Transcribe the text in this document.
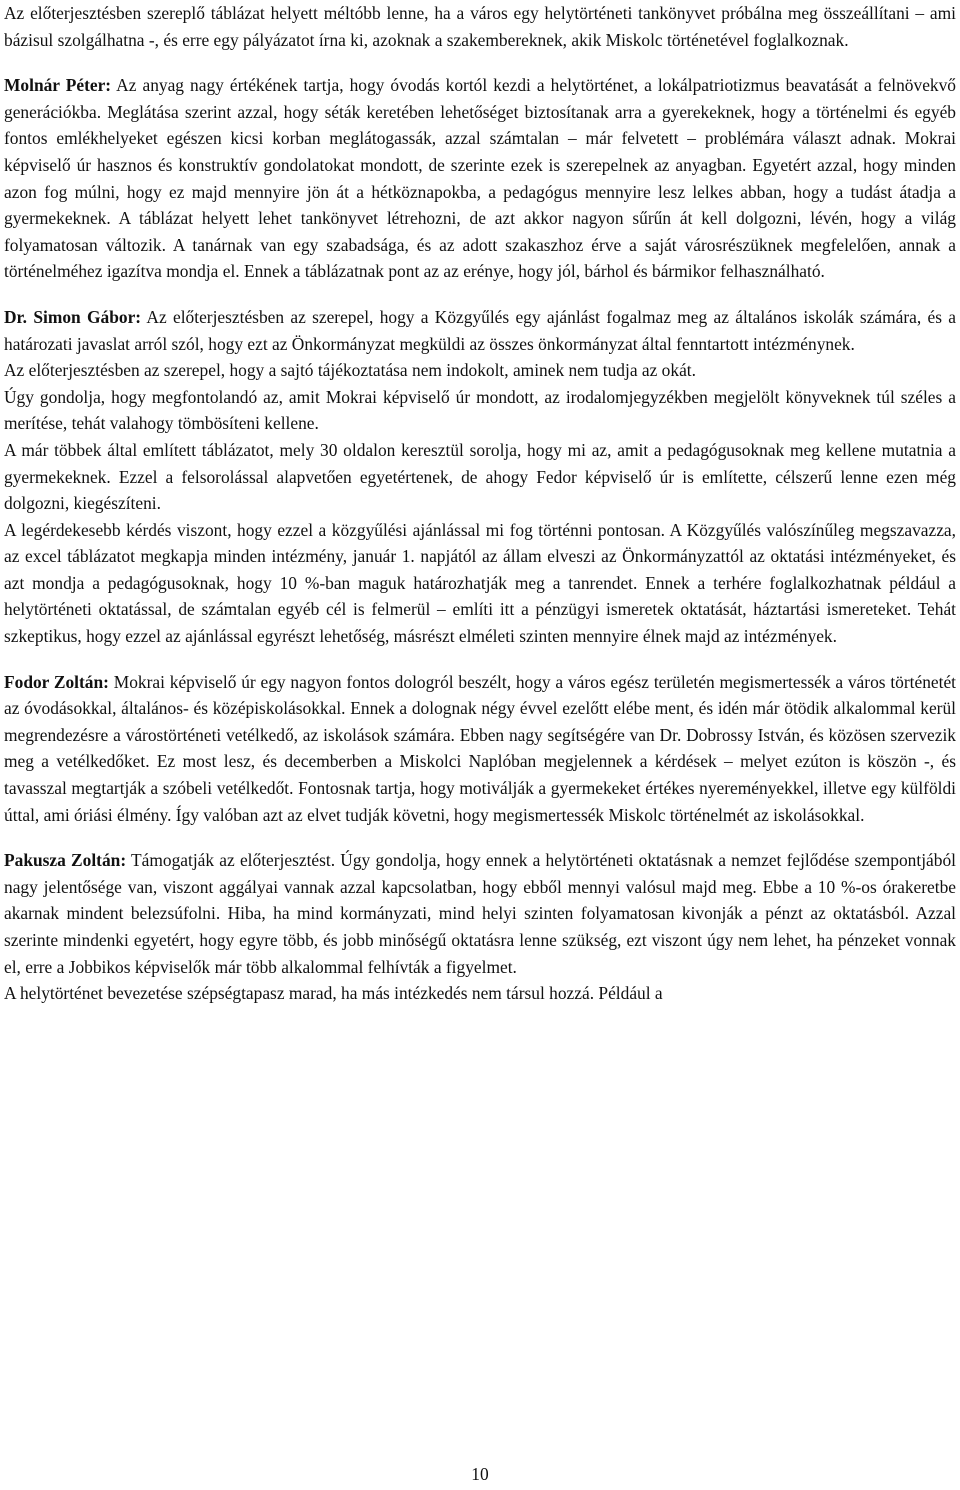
Az előterjesztésben szereplő táblázat helyett méltóbb lenne, ha a város egy helytörténeti tankönyvet próbálna meg összeállítani – ami bázisul szolgálhatna -, és erre egy pályázatot írna ki, azoknak a szakembereknek, akik Miskolc történetével foglalkoznak.

Molnár Péter: Az anyag nagy értékének tartja, hogy óvodás kortól kezdi a helytörténet, a lokálpatriotizmus beavatását a felnövekvő generációkba. Meglátása szerint azzal, hogy séták keretében lehetőséget biztosítanak arra a gyerekeknek, hogy a történelmi és egyéb fontos emlékhelyeket egészen kicsi korban meglátogassák, azzal számtalan – már felvetett – problémára választ adnak. Mokrai képviselő úr hasznos és konstruktív gondolatokat mondott, de szerinte ezek is szerepelnek az anyagban. Egyetért azzal, hogy minden azon fog múlni, hogy ez majd mennyire jön át a hétköznapokba, a pedagógus mennyire lesz lelkes abban, hogy a tudást átadja a gyermekeknek. A táblázat helyett lehet tankönyvet létrehozni, de azt akkor nagyon sűrűn át kell dolgozni, lévén, hogy a világ folyamatosan változik. A tanárnak van egy szabadsága, és az adott szakaszhoz érve a saját városrészüknek megfelelően, annak a történelméhez igazítva mondja el. Ennek a táblázatnak pont az az erénye, hogy jól, bárhol és bármikor felhasználható.

Dr. Simon Gábor: Az előterjesztésben az szerepel, hogy a Közgyűlés egy ajánlást fogalmaz meg az általános iskolák számára, és a határozati javaslat arról szól, hogy ezt az Önkormányzat megküldi az összes önkormányzat által fenntartott intézménynek.

Az előterjesztésben az szerepel, hogy a sajtó tájékoztatása nem indokolt, aminek nem tudja az okát.

Úgy gondolja, hogy megfontolandó az, amit Mokrai képviselő úr mondott, az irodalomjegyzékben megjelölt könyveknek túl széles a merítése, tehát valahogy tömbösíteni kellene.

A már többek által említett táblázatot, mely 30 oldalon keresztül sorolja, hogy mi az, amit a pedagógusoknak meg kellene mutatnia a gyermekeknek. Ezzel a felsorolással alapvetően egyetértenek, de ahogy Fedor képviselő úr is említette, célszerű lenne ezen még dolgozni, kiegészíteni.

A legérdekesebb kérdés viszont, hogy ezzel a közgyűlési ajánlással mi fog történni pontosan. A Közgyűlés valószínűleg megszavazza, az excel táblázatot megkapja minden intézmény, január 1. napjától az állam elveszi az Önkormányzattól az oktatási intézményeket, és azt mondja a pedagógusoknak, hogy 10 %-ban maguk határozhatják meg a tanrendet. Ennek a terhére foglalkozhatnak például a helytörténeti oktatással, de számtalan egyéb cél is felmerül – említi itt a pénzügyi ismeretek oktatását, háztartási ismereteket. Tehát szkeptikus, hogy ezzel az ajánlással egyrészt lehetőség, másrészt elméleti szinten mennyire élnek majd az intézmények.

Fodor Zoltán: Mokrai képviselő úr egy nagyon fontos dologról beszélt, hogy a város egész területén megismertessék a város történetét az óvodásokkal, általános- és középiskolásokkal. Ennek a dolognak négy évvel ezelőtt elébe ment, és idén már ötödik alkalommal kerül megrendezésre a várostörténeti vetélkedő, az iskolások számára. Ebben nagy segítségére van Dr. Dobrossy István, és közösen szervezik meg a vetélkedőket. Ez most lesz, és decemberben a Miskolci Naplóban megjelennek a kérdések – melyet ezúton is köszön -, és tavasszal megtartják a szóbeli vetélkedőt. Fontosnak tartja, hogy motiválják a gyermekeket értékes nyereményekkel, illetve egy külföldi úttal, ami óriási élmény. Így valóban azt az elvet tudják követni, hogy megismertessék Miskolc történelmét az iskolásokkal.

Pakusza Zoltán: Támogatják az előterjesztést. Úgy gondolja, hogy ennek a helytörténeti oktatásnak a nemzet fejlődése szempontjából nagy jelentősége van, viszont aggályai vannak azzal kapcsolatban, hogy ebből mennyi valósul majd meg. Ebbe a 10 %-os órakeretbe akarnak mindent belezsúfolni. Hiba, ha mind kormányzati, mind helyi szinten folyamatosan kivonják a pénzt az oktatásból. Azzal szerinte mindenki egyetért, hogy egyre több, és jobb minőségű oktatásra lenne szükség, ezt viszont úgy nem lehet, ha pénzeket vonnak el, erre a Jobbikos képviselők már több alkalommal felhívták a figyelmet.

A helytörténet bevezetése szépségtapasz marad, ha más intézkedés nem társul hozzá. Például a

10
